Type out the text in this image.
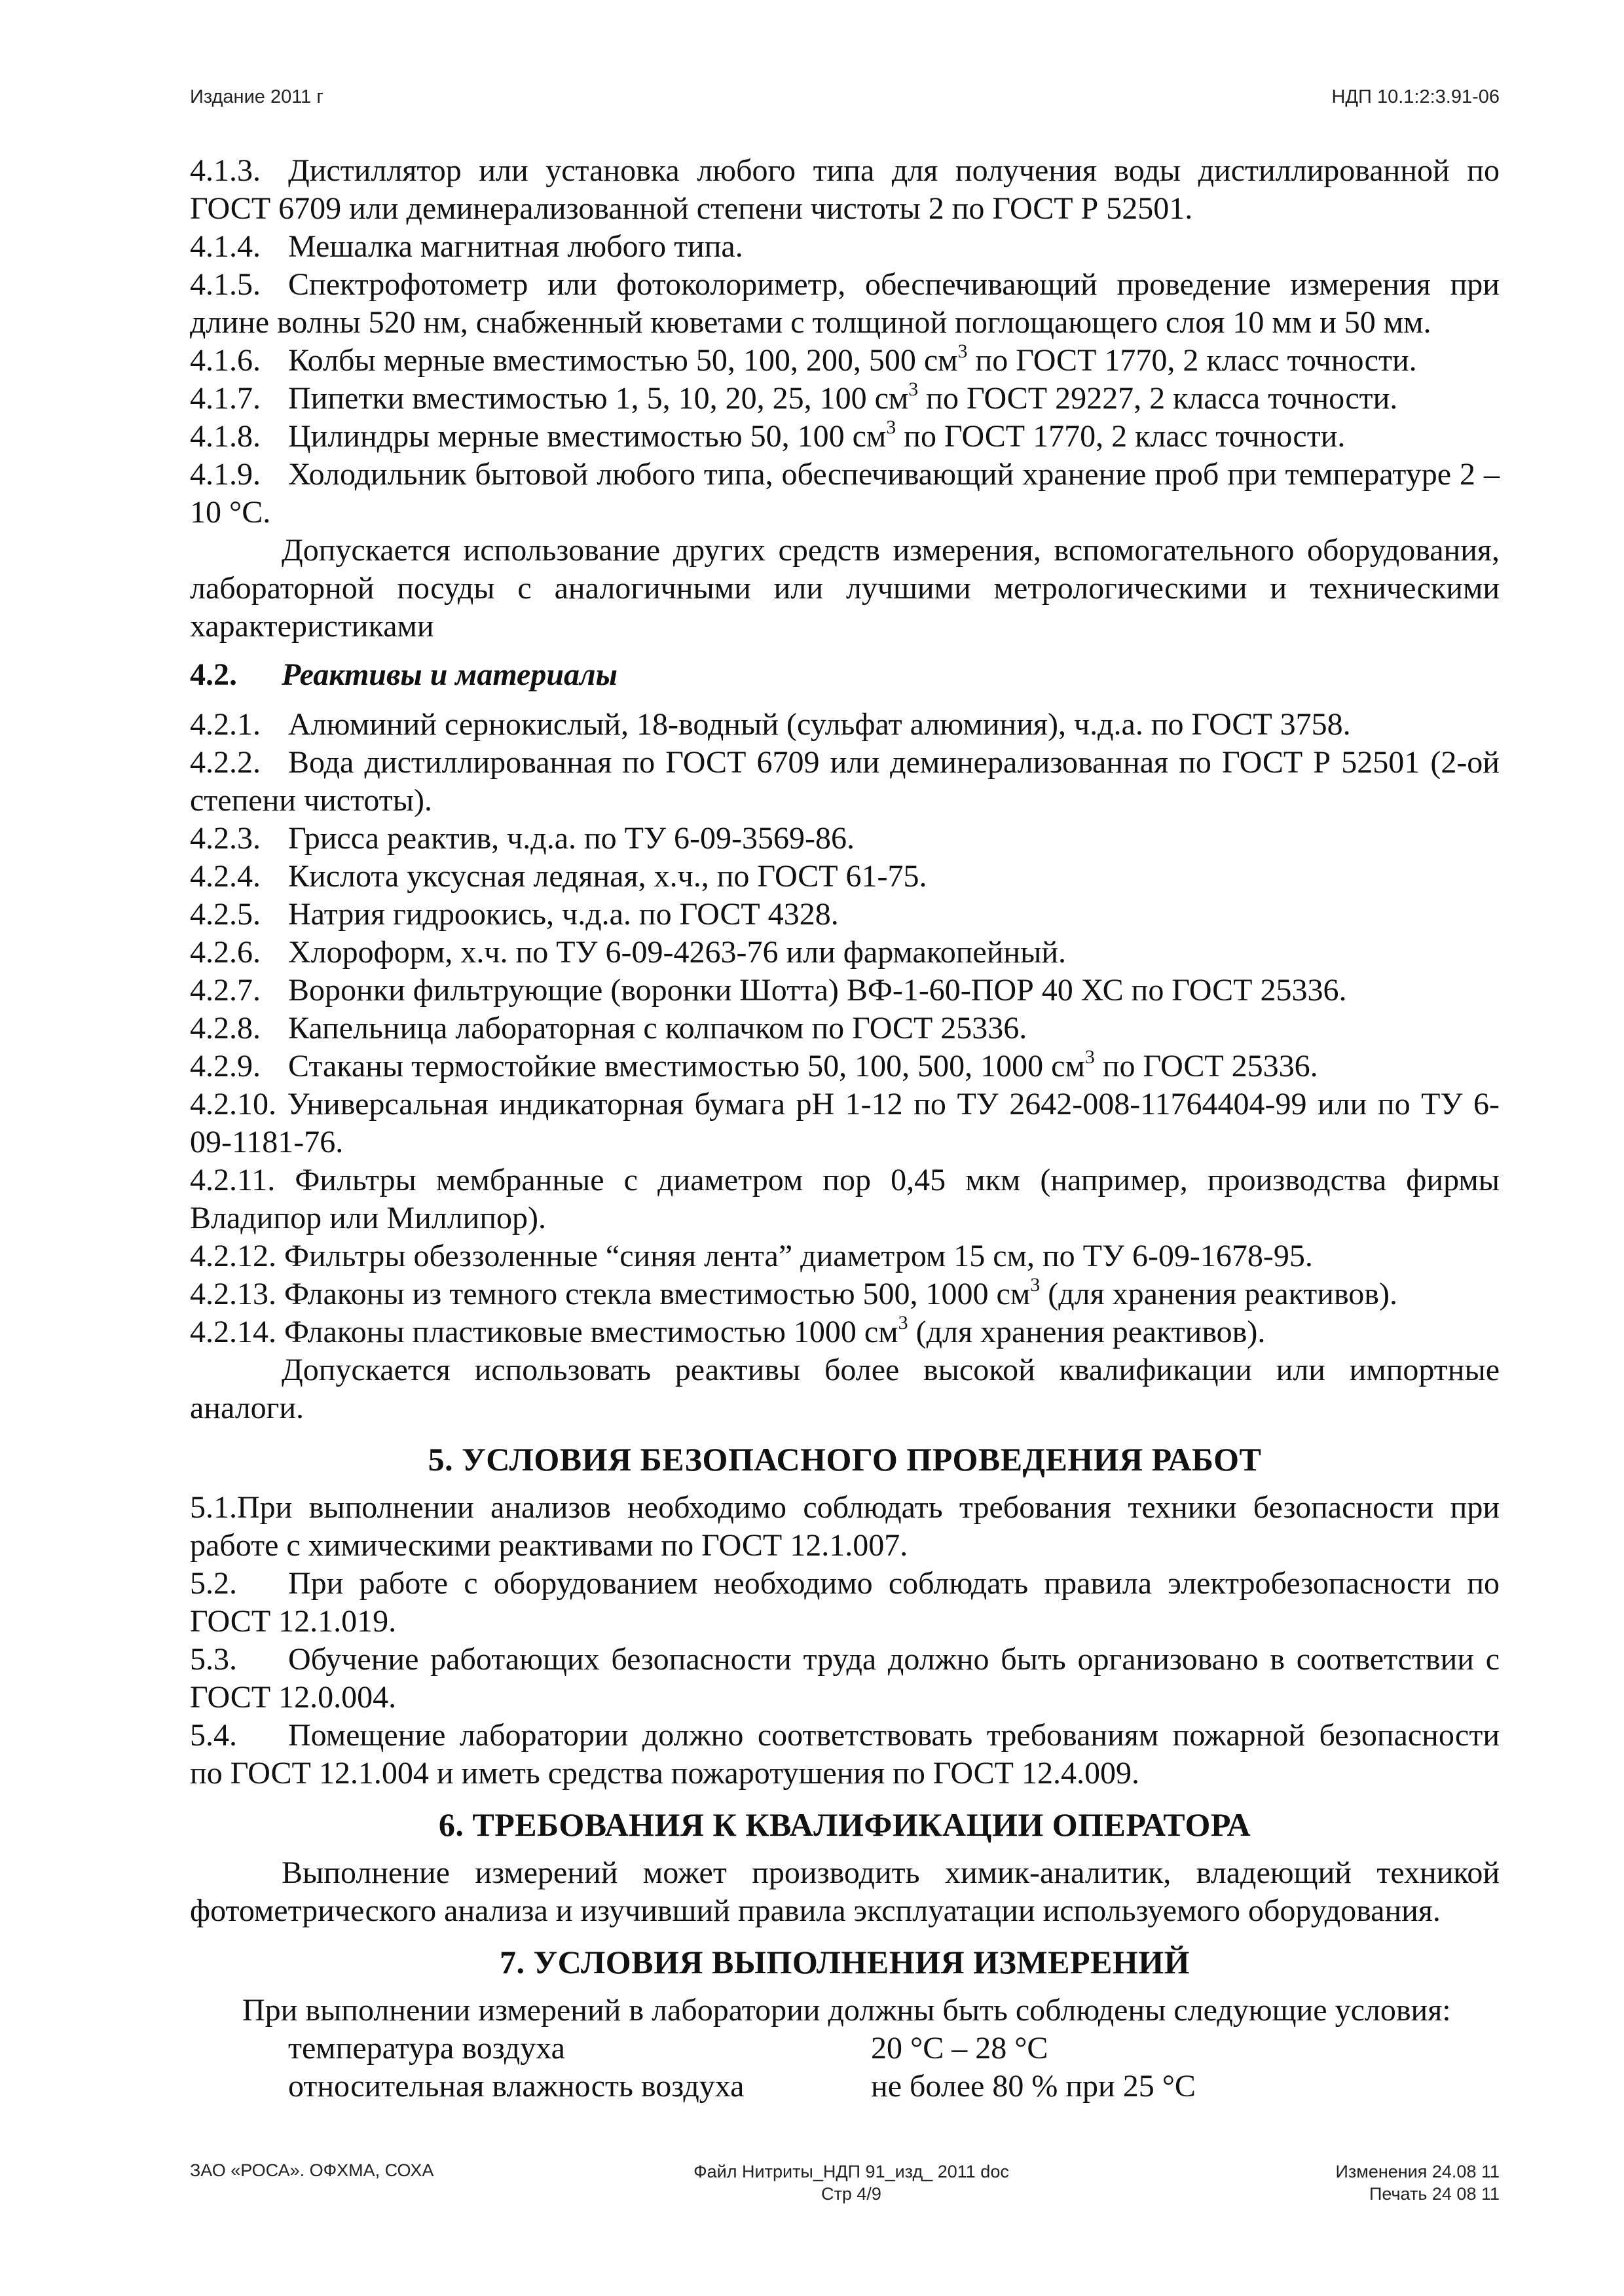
Издание 2011 г	НДП 10.1:2:3.91-06

4.1.3. Дистиллятор или установка любого типа для получения воды дистиллированной по ГОСТ 6709 или деминерализованной степени чистоты 2 по ГОСТ Р 52501.

4.1.4. Мешалка магнитная любого типа.

4.1.5. Спектрофотометр или фотоколориметр, обеспечивающий проведение измерения при длине волны 520 нм, снабженный кюветами с толщиной поглощающего слоя 10 мм и 50 мм.

4.1.6. Колбы мерные вместимостью 50, 100, 200, 500 $см^3$ по ГОСТ 1770, 2 класс точности.

4.1.7. Пипетки вместимостью 1, 5, 10, 20, 25, 100 $см^3$ по ГОСТ 29227, 2 класса точности.

4.1.8. Цилиндры мерные вместимостью 50, 100 $см^3$ по ГОСТ 1770, 2 класс точности.

4.1.9. Холодильник бытовой любого типа, обеспечивающий хранение проб при температуре 2 – 10 °С.

Допускается использование других средств измерения, вспомогательного оборудования, лабораторной посуды с аналогичными или лучшими метрологическими и техническими характеристиками

4.2. Реактивы и материалы

4.2.1. Алюминий сернокислый, 18-водный (сульфат алюминия), ч.д.а. по ГОСТ 3758.

4.2.2. Вода дистиллированная по ГОСТ 6709 или деминерализованная по ГОСТ Р 52501 (2-ой степени чистоты).

4.2.3. Грисса реактив, ч.д.а. по ТУ 6-09-3569-86.

4.2.4. Кислота уксусная ледяная, х.ч., по ГОСТ 61-75.

4.2.5. Натрия гидроокись, ч.д.а. по ГОСТ 4328.

4.2.6. Хлороформ, х.ч. по ТУ 6-09-4263-76 или фармакопейный.

4.2.7. Воронки фильтрующие (воронки Шотта) ВФ-1-60-ПОР 40 ХС по ГОСТ 25336.

4.2.8. Капельница лабораторная с колпачком по ГОСТ 25336.

4.2.9. Стаканы термостойкие вместимостью 50, 100, 500, 1000 $см^3$ по ГОСТ 25336.

4.2.10. Универсальная индикаторная бумага рН 1-12 по ТУ 2642-008-11764404-99 или по ТУ 6-09-1181-76.

4.2.11. Фильтры мембранные с диаметром пор 0,45 мкм (например, производства фирмы Владипор или Миллипор).

4.2.12. Фильтры обеззоленные “синяя лента” диаметром 15 см, по ТУ 6-09-1678-95.

4.2.13. Флаконы из темного стекла вместимостью 500, 1000 $см^3$ (для хранения реактивов).

4.2.14. Флаконы пластиковые вместимостью 1000 $см^3$ (для хранения реактивов).

Допускается использовать реактивы более высокой квалификации или импортные аналоги.

5. УСЛОВИЯ БЕЗОПАСНОГО ПРОВЕДЕНИЯ РАБОТ

5.1.При выполнении анализов необходимо соблюдать требования техники безопасности при работе с химическими реактивами по ГОСТ 12.1.007.

5.2. При работе с оборудованием необходимо соблюдать правила электробезопасности по ГОСТ 12.1.019.

5.3. Обучение работающих безопасности труда должно быть организовано в соответствии с ГОСТ 12.0.004.

5.4. Помещение лаборатории должно соответствовать требованиям пожарной безопасности по ГОСТ 12.1.004 и иметь средства пожаротушения по ГОСТ 12.4.009.

6. ТРЕБОВАНИЯ К КВАЛИФИКАЦИИ ОПЕРАТОРА

Выполнение измерений может производить химик-аналитик, владеющий техникой фотометрического анализа и изучивший правила эксплуатации используемого оборудования.

7. УСЛОВИЯ ВЫПОЛНЕНИЯ ИЗМЕРЕНИЙ

При выполнении измерений в лаборатории должны быть соблюдены следующие условия:

температура воздуха	20 °С – 28 °С
относительная влажность воздуха	не более 80 % при 25 °С
ЗАО «РОСА». ОФХМА, СОХА	Файл Нитриты_НДП 91_изд_ 2011 doc
Стр 4/9
Изменения 24.08 11
Печать 24 08 11
